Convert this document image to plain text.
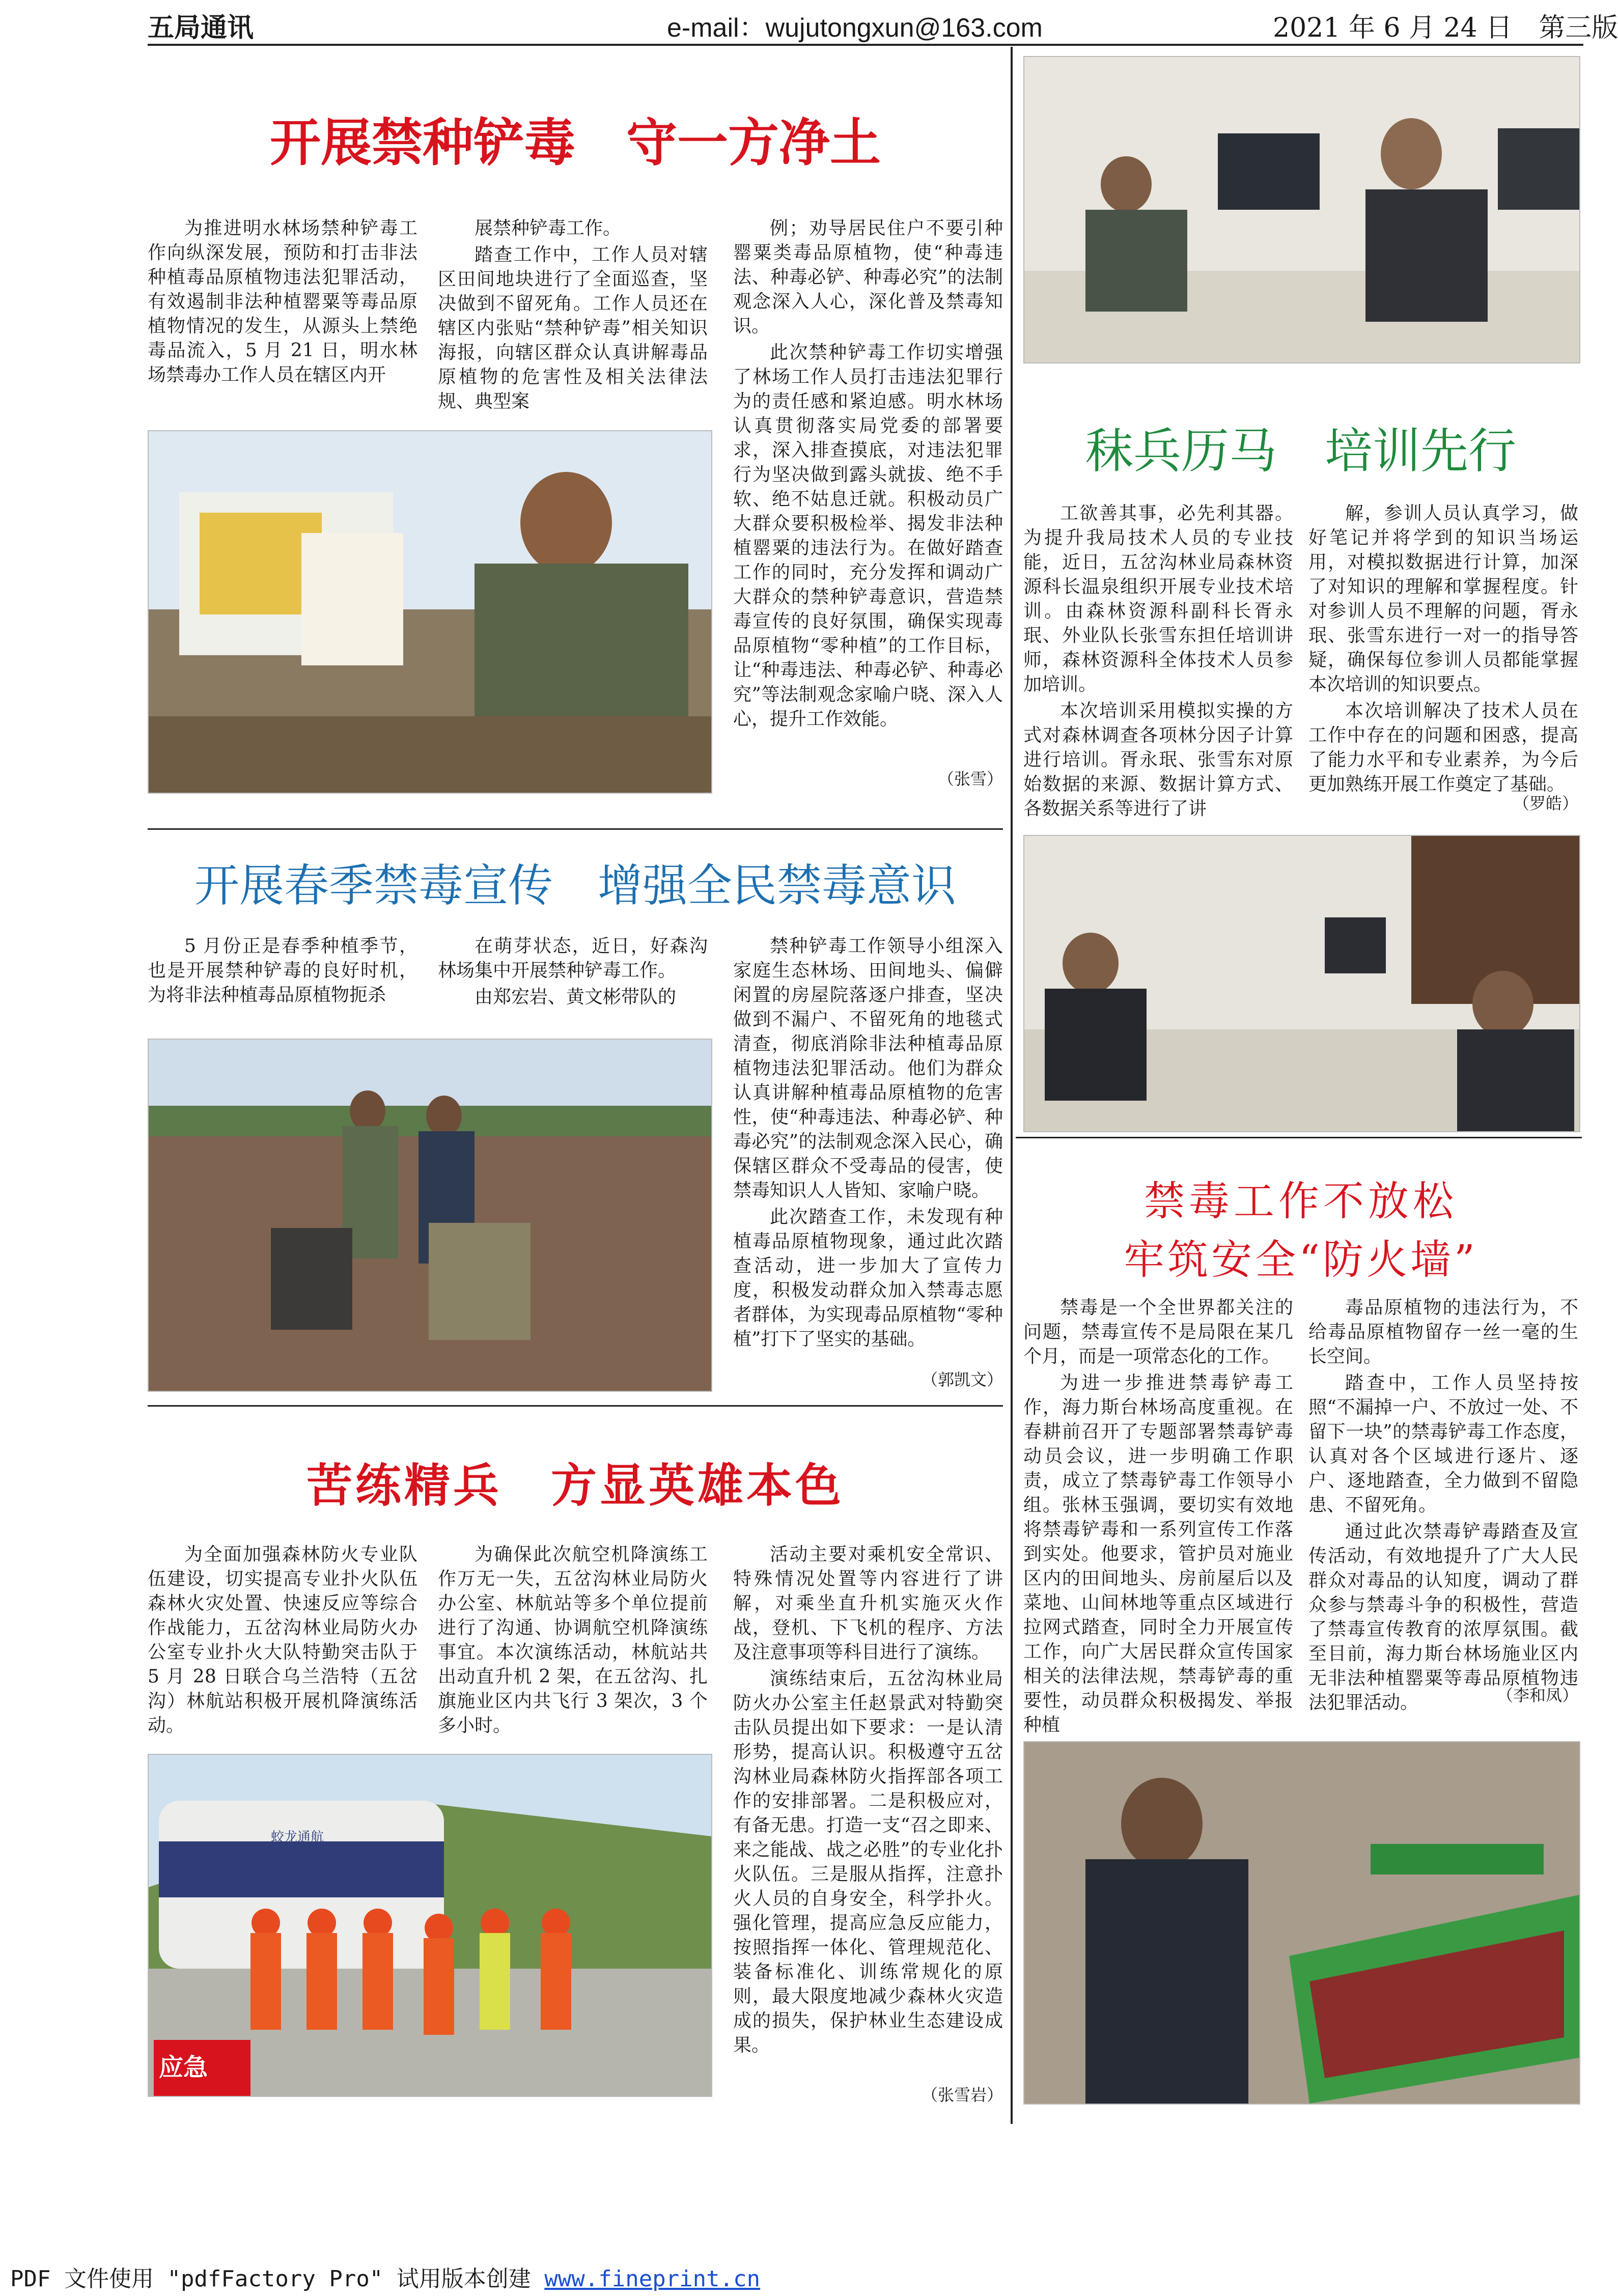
五局通讯	e-mail：wujutongxun@163.com	2021 年 6 月 24 日　第三版
开展禁种铲毒　守一方净土

为推进明水林场禁种铲毒工作向纵深发展，预防和打击非法种植毒品原植物违法犯罪活动，有效遏制非法种植罂粟等毒品原植物情况的发生，从源头上禁绝毒品流入，5 月 21 日，明水林场禁毒办工作人员在辖区内开

展禁种铲毒工作。

踏查工作中，工作人员对辖区田间地块进行了全面巡查，坚决做到不留死角。工作人员还在辖区内张贴“禁种铲毒”相关知识海报，向辖区群众认真讲解毒品原植物的危害性及相关法律法规、典型案

例；劝导居民住户不要引种罂粟类毒品原植物，使“种毒违法、种毒必铲、种毒必究”的法制观念深入人心，深化普及禁毒知识。

此次禁种铲毒工作切实增强了林场工作人员打击违法犯罪行为的责任感和紧迫感。明水林场认真贯彻落实局党委的部署要求，深入排查摸底，对违法犯罪行为坚决做到露头就拔、绝不手软、绝不姑息迁就。积极动员广大群众要积极检举、揭发非法种植罂粟的违法行为。在做好踏查工作的同时，充分发挥和调动广大群众的禁种铲毒意识，营造禁毒宣传的良好氛围，确保实现毒品原植物“零种植”的工作目标，让“种毒违法、种毒必铲、种毒必究”等法制观念家喻户晓、深入人心，提升工作效能。

（张雪）
秣兵历马　培训先行

工欲善其事，必先利其器。为提升我局技术人员的专业技能，近日，五岔沟林业局森林资源科长温泉组织开展专业技术培训。由森林资源科副科长胥永珉、外业队长张雪东担任培训讲师，森林资源科全体技术人员参加培训。

本次培训采用模拟实操的方式对森林调查各项林分因子计算进行培训。胥永珉、张雪东对原始数据的来源、数据计算方式、各数据关系等进行了讲

解，参训人员认真学习，做好笔记并将学到的知识当场运用，对模拟数据进行计算，加深了对知识的理解和掌握程度。针对参训人员不理解的问题，胥永珉、张雪东进行一对一的指导答疑，确保每位参训人员都能掌握本次培训的知识要点。

本次培训解决了技术人员在工作中存在的问题和困惑，提高了能力水平和专业素养，为今后更加熟练开展工作奠定了基础。

（罗皓）
开展春季禁毒宣传　增强全民禁毒意识

5 月份正是春季种植季节，也是开展禁种铲毒的良好时机，为将非法种植毒品原植物扼杀

在萌芽状态，近日，好森沟林场集中开展禁种铲毒工作。

由郑宏岩、黄文彬带队的

禁种铲毒工作领导小组深入家庭生态林场、田间地头、偏僻闲置的房屋院落逐户排查，坚决做到不漏户、不留死角的地毯式清查，彻底消除非法种植毒品原植物违法犯罪活动。他们为群众认真讲解种植毒品原植物的危害性，使“种毒违法、种毒必铲、种毒必究”的法制观念深入民心，确保辖区群众不受毒品的侵害，使禁毒知识人人皆知、家喻户晓。

此次踏查工作，未发现有种植毒品原植物现象，通过此次踏查活动，进一步加大了宣传力度，积极发动群众加入禁毒志愿者群体，为实现毒品原植物“零种植”打下了坚实的基础。

（郭凯文）
禁毒工作不放松
牢筑安全“防火墙”

禁毒是一个全世界都关注的问题，禁毒宣传不是局限在某几个月，而是一项常态化的工作。

为进一步推进禁毒铲毒工作，海力斯台林场高度重视。在春耕前召开了专题部署禁毒铲毒动员会议，进一步明确工作职责，成立了禁毒铲毒工作领导小组。张林玉强调，要切实有效地将禁毒铲毒和一系列宣传工作落到实处。他要求，管护员对施业区内的田间地头、房前屋后以及菜地、山间林地等重点区域进行拉网式踏查，同时全力开展宣传工作，向广大居民群众宣传国家相关的法律法规，禁毒铲毒的重要性，动员群众积极揭发、举报种植

毒品原植物的违法行为，不给毒品原植物留存一丝一毫的生长空间。

踏查中，工作人员坚持按照“不漏掉一户、不放过一处、不留下一块”的禁毒铲毒工作态度，认真对各个区域进行逐片、逐户、逐地踏查，全力做到不留隐患、不留死角。

通过此次禁毒铲毒踏查及宣传活动，有效地提升了广大人民群众对毒品的认知度，调动了群众参与禁毒斗争的积极性，营造了禁毒宣传教育的浓厚氛围。截至目前，海力斯台林场施业区内无非法种植罂粟等毒品原植物违法犯罪活动。	（李和凤）
苦练精兵　方显英雄本色

为全面加强森林防火专业队伍建设，切实提高专业扑火队伍森林火灾处置、快速反应等综合作战能力，五岔沟林业局防火办公室专业扑火大队特勤突击队于 5 月 28 日联合乌兰浩特（五岔沟）林航站积极开展机降演练活动。

为确保此次航空机降演练工作万无一失，五岔沟林业局防火办公室、林航站等多个单位提前进行了沟通、协调航空机降演练事宜。本次演练活动，林航站共出动直升机 2 架，在五岔沟、扎旗施业区内共飞行 3 架次，3 个多小时。

活动主要对乘机安全常识、特殊情况处置等内容进行了讲解，对乘坐直升机实施灭火作战，登机、下飞机的程序、方法及注意事项等科目进行了演练。

演练结束后，五岔沟林业局防火办公室主任赵景武对特勤突击队员提出如下要求：一是认清形势，提高认识。积极遵守五岔沟林业局森林防火指挥部各项工作的安排部署。二是积极应对，有备无患。打造一支“召之即来、来之能战、战之必胜”的专业化扑火队伍。三是服从指挥，注意扑火人员的自身安全，科学扑火。强化管理，提高应急反应能力，按照指挥一体化、管理规范化、装备标准化、训练常规化的原则，最大限度地减少森林火灾造成的损失，保护林业生态建设成果。

（张雪岩）
蛟龙通航
应急
PDF 文件使用 "pdfFactory Pro" 试用版本创建 www.fineprint.cn
